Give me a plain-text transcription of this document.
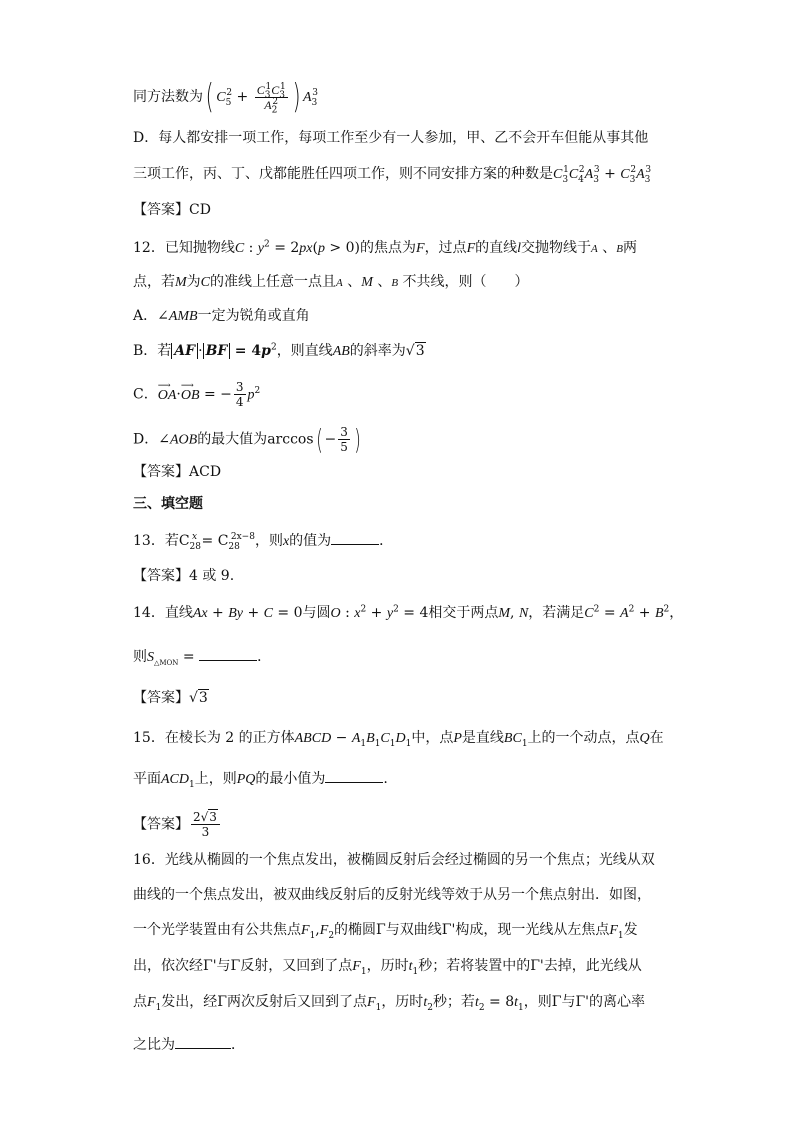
同方法数为( $C_5^2 + \frac{C_3^1C_3^1}{A_2^2}$ ) $A_3^3$
D．每人都安排一项工作，每项工作至少有一人参加，甲、乙不会开车但能从事其他
三项工作，丙、丁、戊都能胜任四项工作，则不同安排方案的种数是$C_3^1C_4^2A_3^3 + C_3^2A_3^3$
【答案】CD
12．已知抛物线C : $y^2 = 2px(p > 0)$的焦点为F，过点F的直线l交抛物线于A 、B两
点，若M为C的准线上任意一点且A 、M 、B 不共线，则（　　）
A．∠AMB一定为锐角或直角
B．若 AF · BF = $4p^2$，则直线AB的斜率为√3
C．⟶ OA·⟶ OB = − $\frac{3}{4} p^2$
D．∠AOB的最大值为$\arccos( - \frac{3}{5}$ )
【答案】ACD
三、填空题
13．若$C_{28}^x = C_{28}^{2x-8}$，则x的值为	．
【答案】4 或 9.
14．直线Ax + By + C = 0与圆O : $x^2 + y^2 = 4$相交于两点M, N，若满足$C^2 = A^2 + B^2$，
则$S_{\triangle MON}$ =	．
【答案】√3
15．在棱长为 2 的正方体ABCD − $A_1B_1C_1D_1$中，点P是直线$BC_1$上的一个动点，点Q在
平面$ACD_1$上，则PQ的最小值为	.
【答案】 $\frac{2√3}{3}$
16．光线从椭圆的一个焦点发出，被椭圆反射后会经过椭圆的另一个焦点；光线从双
曲线的一个焦点发出，被双曲线反射后的反射光线等效于从另一个焦点射出．如图，
一个光学装置由有公共焦点$F_1,F_2$的椭圆Γ与双曲线Γ'构成，现一光线从左焦点$F_1$发
出，依次经Γ'与Γ反射，又回到了点$F_1$，历时$t_1$秒；若将装置中的Γ'去掉，此光线从
点$F_1$发出，经Γ两次反射后又回到了点$F_1$，历时$t_2$秒；若$t_2 = 8t_1$，则Γ与Γ'的离心率
之比为	．
